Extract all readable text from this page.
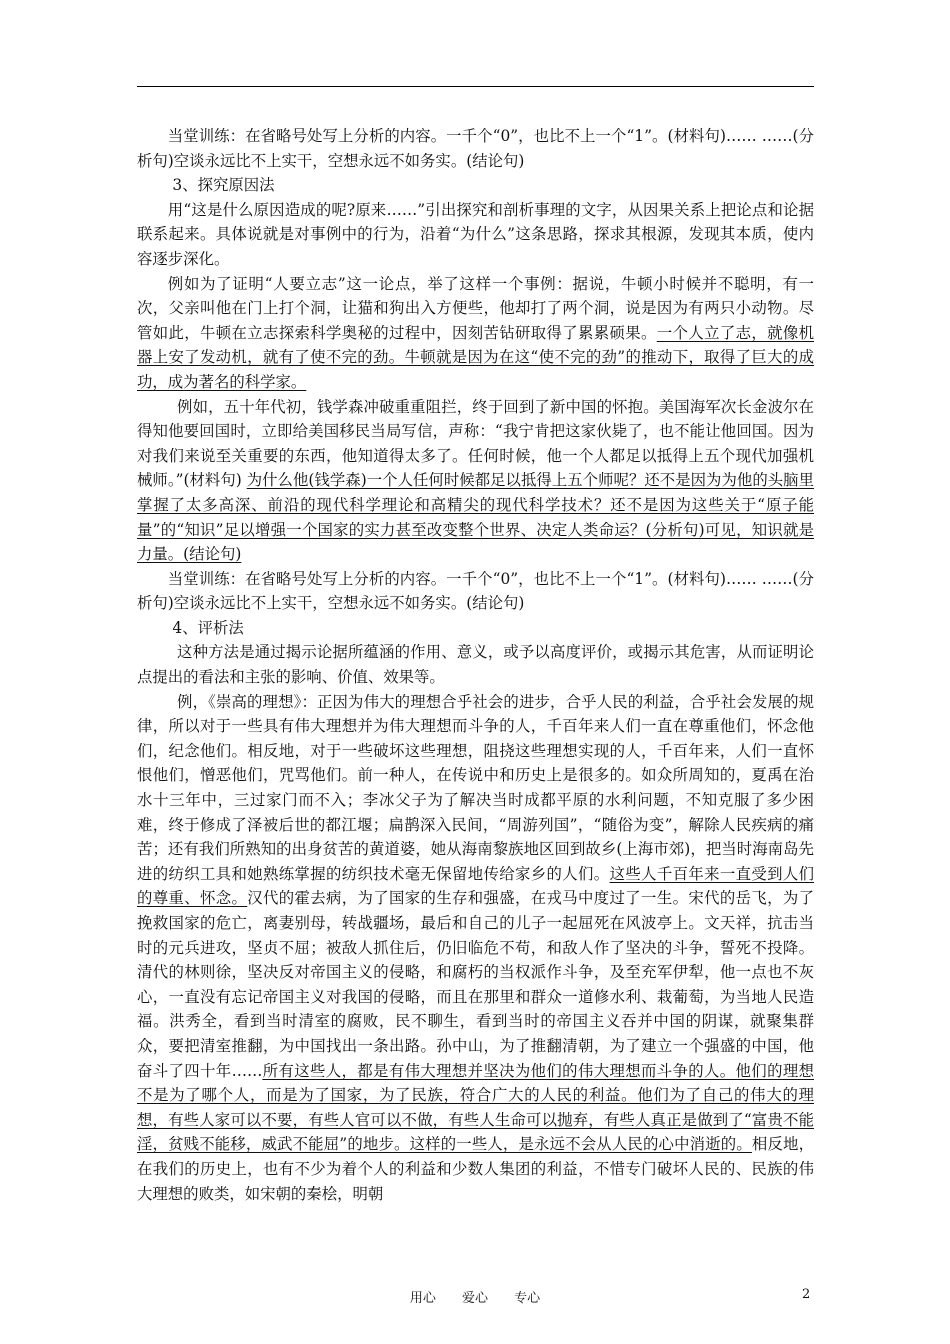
当堂训练：在省略号处写上分析的内容。一千个“0”，也比不上一个“1”。(材料句)…… ……(分析句)空谈永远比不上实干，空想永远不如务实。(结论句)

3、探究原因法

用“这是什么原因造成的呢?原来……”引出探究和剖析事理的文字，从因果关系上把论点和论据联系起来。具体说就是对事例中的行为，沿着“为什么”这条思路，探求其根源，发现其本质，使内容逐步深化。

例如为了证明“人要立志”这一论点，举了这样一个事例：据说，牛顿小时候并不聪明，有一次，父亲叫他在门上打个洞，让猫和狗出入方便些，他却打了两个洞，说是因为有两只小动物。尽管如此，牛顿在立志探索科学奥秘的过程中，因刻苦钻研取得了累累硕果。一个人立了志，就像机器上安了发动机，就有了使不完的劲。牛顿就是因为在这“使不完的劲”的推动下，取得了巨大的成功，成为著名的科学家。

例如，五十年代初，钱学森冲破重重阻拦，终于回到了新中国的怀抱。美国海军次长金波尔在得知他要回国时，立即给美国移民当局写信，声称：“我宁肯把这家伙毙了，也不能让他回国。因为对我们来说至关重要的东西，他知道得太多了。任何时候，他一个人都足以抵得上五个现代加强机械师。”(材料句) 为什么他(钱学森)一个人任何时候都足以抵得上五个师呢？还不是因为为他的头脑里掌握了太多高深、前沿的现代科学理论和高精尖的现代科学技术？还不是因为这些关于“原子能量”的“知识”足以增强一个国家的实力甚至改变整个世界、决定人类命运？(分析句)可见，知识就是力量。(结论句)

当堂训练：在省略号处写上分析的内容。一千个“0”，也比不上一个“1”。(材料句)…… ……(分析句)空谈永远比不上实干，空想永远不如务实。(结论句)

4、评析法

这种方法是通过揭示论据所蕴涵的作用、意义，或予以高度评价，或揭示其危害，从而证明论点提出的看法和主张的影响、价值、效果等。

例，《崇高的理想》：正因为伟大的理想合乎社会的进步，合乎人民的利益，合乎社会发展的规律，所以对于一些具有伟大理想并为伟大理想而斗争的人，千百年来人们一直在尊重他们，怀念他们，纪念他们。相反地，对于一些破坏这些理想，阻挠这些理想实现的人，千百年来，人们一直怀恨他们，憎恶他们，咒骂他们。前一种人，在传说中和历史上是很多的。如众所周知的，夏禹在治水十三年中，三过家门而不入；李冰父子为了解决当时成都平原的水利问题，不知克服了多少困难，终于修成了泽被后世的都江堰；扁鹊深入民间，“周游列国”，“随俗为变”，解除人民疾病的痛苦；还有我们所熟知的出身贫苦的黄道婆，她从海南黎族地区回到故乡(上海市郊)，把当时海南岛先进的纺织工具和她熟练掌握的纺织技术毫无保留地传给家乡的人们。这些人千百年来一直受到人们的尊重、怀念。汉代的霍去病，为了国家的生存和强盛，在戎马中度过了一生。宋代的岳飞，为了挽救国家的危亡，离妻别母，转战疆场，最后和自己的儿子一起屈死在风波亭上。文天祥，抗击当时的元兵进攻，坚贞不屈；被敌人抓住后，仍旧临危不苟，和敌人作了坚决的斗争，誓死不投降。清代的林则徐，坚决反对帝国主义的侵略，和腐朽的当权派作斗争，及至充军伊犁，他一点也不灰心，一直没有忘记帝国主义对我国的侵略，而且在那里和群众一道修水利、栽葡萄，为当地人民造福。洪秀全，看到当时清室的腐败，民不聊生，看到当时的帝国主义吞并中国的阴谋，就聚集群众，要把清室推翻，为中国找出一条出路。孙中山，为了推翻清朝，为了建立一个强盛的中国，他奋斗了四十年……所有这些人，都是有伟大理想并坚决为他们的伟大理想而斗争的人。他们的理想不是为了哪个人，而是为了国家，为了民族，符合广大的人民的利益。他们为了自己的伟大的理想，有些人家可以不要，有些人官可以不做，有些人生命可以抛弃，有些人真正是做到了“富贵不能淫，贫贱不能移，威武不能屈”的地步。这样的一些人，是永远不会从人民的心中消逝的。相反地，在我们的历史上，也有不少为着个人的利益和少数人集团的利益，不惜专门破坏人民的、民族的伟大理想的败类，如宋朝的秦桧，明朝

用心 爱心 专心	2
